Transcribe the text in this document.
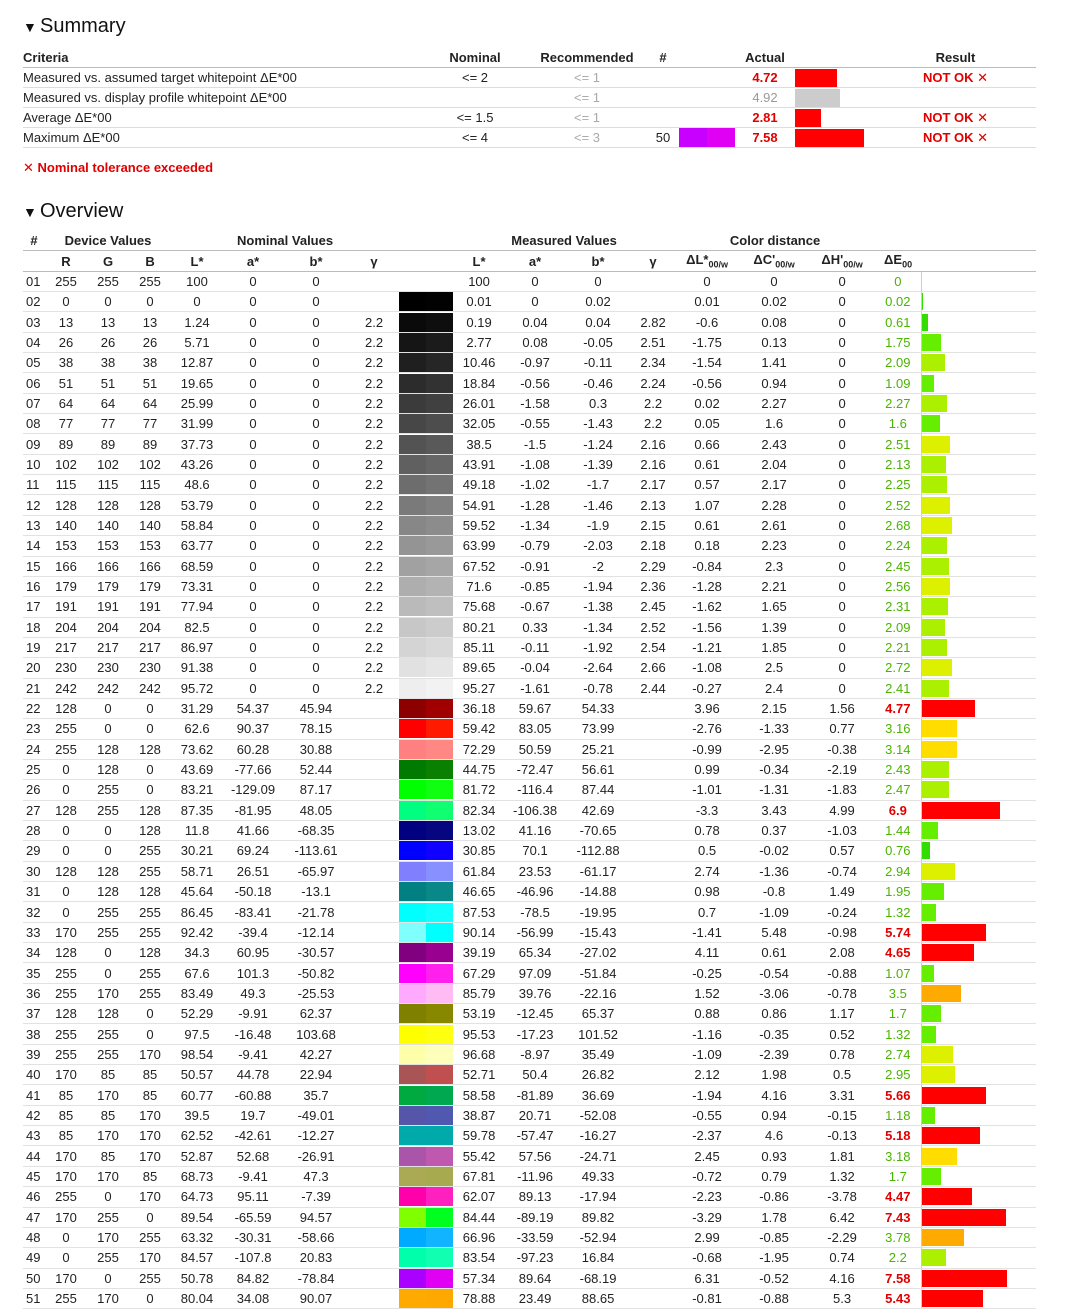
▼ Summary
Criteria	Nominal	Recommended	#		Actual		Result
Measured vs. assumed target whitepoint ΔE*00	<= 2	<= 1			4.72		NOT OK ✕
Measured vs. display profile whitepoint ΔE*00		<= 1			4.92	

Average ΔE*00	<= 1.5	<= 1			2.81		NOT OK ✕
Maximum ΔE*00	<= 4	<= 3	50		7.58		NOT OK ✕
✕ Nominal tolerance exceeded
▼ Overview
#	Device Values			Nominal Values						Measured Values				Color distance				
	R	G	B	L*	a*	b*	γ			L*	a*	b*	γ	$\Delta L*_{00/w}$	$\Delta C'_{00/w}$	$\Delta H'_{00/w}$	$\Delta E_{00}$	
01	255	255	255	100	0	0				100	0	0		0	0	0	0	

02	0	0	0	0	0	0				0.01	0	0.02		0.01	0.02	0	0.02	

03	13	13	13	1.24	0	0	2.2			0.19	0.04	0.04	2.82	-0.6	0.08	0	0.61	

04	26	26	26	5.71	0	0	2.2			2.77	0.08	-0.05	2.51	-1.75	0.13	0	1.75	

05	38	38	38	12.87	0	0	2.2			10.46	-0.97	-0.11	2.34	-1.54	1.41	0	2.09	

06	51	51	51	19.65	0	0	2.2			18.84	-0.56	-0.46	2.24	-0.56	0.94	0	1.09	

07	64	64	64	25.99	0	0	2.2			26.01	-1.58	0.3	2.2	0.02	2.27	0	2.27	

08	77	77	77	31.99	0	0	2.2			32.05	-0.55	-1.43	2.2	0.05	1.6	0	1.6	

09	89	89	89	37.73	0	0	2.2			38.5	-1.5	-1.24	2.16	0.66	2.43	0	2.51	

10	102	102	102	43.26	0	0	2.2			43.91	-1.08	-1.39	2.16	0.61	2.04	0	2.13	

11	115	115	115	48.6	0	0	2.2			49.18	-1.02	-1.7	2.17	0.57	2.17	0	2.25	

12	128	128	128	53.79	0	0	2.2			54.91	-1.28	-1.46	2.13	1.07	2.28	0	2.52	

13	140	140	140	58.84	0	0	2.2			59.52	-1.34	-1.9	2.15	0.61	2.61	0	2.68	

14	153	153	153	63.77	0	0	2.2			63.99	-0.79	-2.03	2.18	0.18	2.23	0	2.24	

15	166	166	166	68.59	0	0	2.2			67.52	-0.91	-2	2.29	-0.84	2.3	0	2.45	

16	179	179	179	73.31	0	0	2.2			71.6	-0.85	-1.94	2.36	-1.28	2.21	0	2.56	

17	191	191	191	77.94	0	0	2.2			75.68	-0.67	-1.38	2.45	-1.62	1.65	0	2.31	

18	204	204	204	82.5	0	0	2.2			80.21	0.33	-1.34	2.52	-1.56	1.39	0	2.09	

19	217	217	217	86.97	0	0	2.2			85.11	-0.11	-1.92	2.54	-1.21	1.85	0	2.21	

20	230	230	230	91.38	0	0	2.2			89.65	-0.04	-2.64	2.66	-1.08	2.5	0	2.72	

21	242	242	242	95.72	0	0	2.2			95.27	-1.61	-0.78	2.44	-0.27	2.4	0	2.41	

22	128	0	0	31.29	54.37	45.94				36.18	59.67	54.33		3.96	2.15	1.56	4.77	

23	255	0	0	62.6	90.37	78.15				59.42	83.05	73.99		-2.76	-1.33	0.77	3.16	

24	255	128	128	73.62	60.28	30.88				72.29	50.59	25.21		-0.99	-2.95	-0.38	3.14	

25	0	128	0	43.69	-77.66	52.44				44.75	-72.47	56.61		0.99	-0.34	-2.19	2.43	

26	0	255	0	83.21	-129.09	87.17				81.72	-116.4	87.44		-1.01	-1.31	-1.83	2.47	

27	128	255	128	87.35	-81.95	48.05				82.34	-106.38	42.69		-3.3	3.43	4.99	6.9	

28	0	0	128	11.8	41.66	-68.35				13.02	41.16	-70.65		0.78	0.37	-1.03	1.44	

29	0	0	255	30.21	69.24	-113.61				30.85	70.1	-112.88		0.5	-0.02	0.57	0.76	

30	128	128	255	58.71	26.51	-65.97				61.84	23.53	-61.17		2.74	-1.36	-0.74	2.94	

31	0	128	128	45.64	-50.18	-13.1				46.65	-46.96	-14.88		0.98	-0.8	1.49	1.95	

32	0	255	255	86.45	-83.41	-21.78				87.53	-78.5	-19.95		0.7	-1.09	-0.24	1.32	

33	170	255	255	92.42	-39.4	-12.14				90.14	-56.99	-15.43		-1.41	5.48	-0.98	5.74	

34	128	0	128	34.3	60.95	-30.57				39.19	65.34	-27.02		4.11	0.61	2.08	4.65	

35	255	0	255	67.6	101.3	-50.82				67.29	97.09	-51.84		-0.25	-0.54	-0.88	1.07	

36	255	170	255	83.49	49.3	-25.53				85.79	39.76	-22.16		1.52	-3.06	-0.78	3.5	

37	128	128	0	52.29	-9.91	62.37				53.19	-12.45	65.37		0.88	0.86	1.17	1.7	

38	255	255	0	97.5	-16.48	103.68				95.53	-17.23	101.52		-1.16	-0.35	0.52	1.32	

39	255	255	170	98.54	-9.41	42.27				96.68	-8.97	35.49		-1.09	-2.39	0.78	2.74	

40	170	85	85	50.57	44.78	22.94				52.71	50.4	26.82		2.12	1.98	0.5	2.95	

41	85	170	85	60.77	-60.88	35.7				58.58	-81.89	36.69		-1.94	4.16	3.31	5.66	

42	85	85	170	39.5	19.7	-49.01				38.87	20.71	-52.08		-0.55	0.94	-0.15	1.18	

43	85	170	170	62.52	-42.61	-12.27				59.78	-57.47	-16.27		-2.37	4.6	-0.13	5.18	

44	170	85	170	52.87	52.68	-26.91				55.42	57.56	-24.71		2.45	0.93	1.81	3.18	

45	170	170	85	68.73	-9.41	47.3				67.81	-11.96	49.33		-0.72	0.79	1.32	1.7	

46	255	0	170	64.73	95.11	-7.39				62.07	89.13	-17.94		-2.23	-0.86	-3.78	4.47	

47	170	255	0	89.54	-65.59	94.57				84.44	-89.19	89.82		-3.29	1.78	6.42	7.43	

48	0	170	255	63.32	-30.31	-58.66				66.96	-33.59	-52.94		2.99	-0.85	-2.29	3.78	

49	0	255	170	84.57	-107.8	20.83				83.54	-97.23	16.84		-0.68	-1.95	0.74	2.2	

50	170	0	255	50.78	84.82	-78.84				57.34	89.64	-68.19		6.31	-0.52	4.16	7.58	

51	255	170	0	80.04	34.08	90.07				78.88	23.49	88.65		-0.81	-0.88	5.3	5.43	
